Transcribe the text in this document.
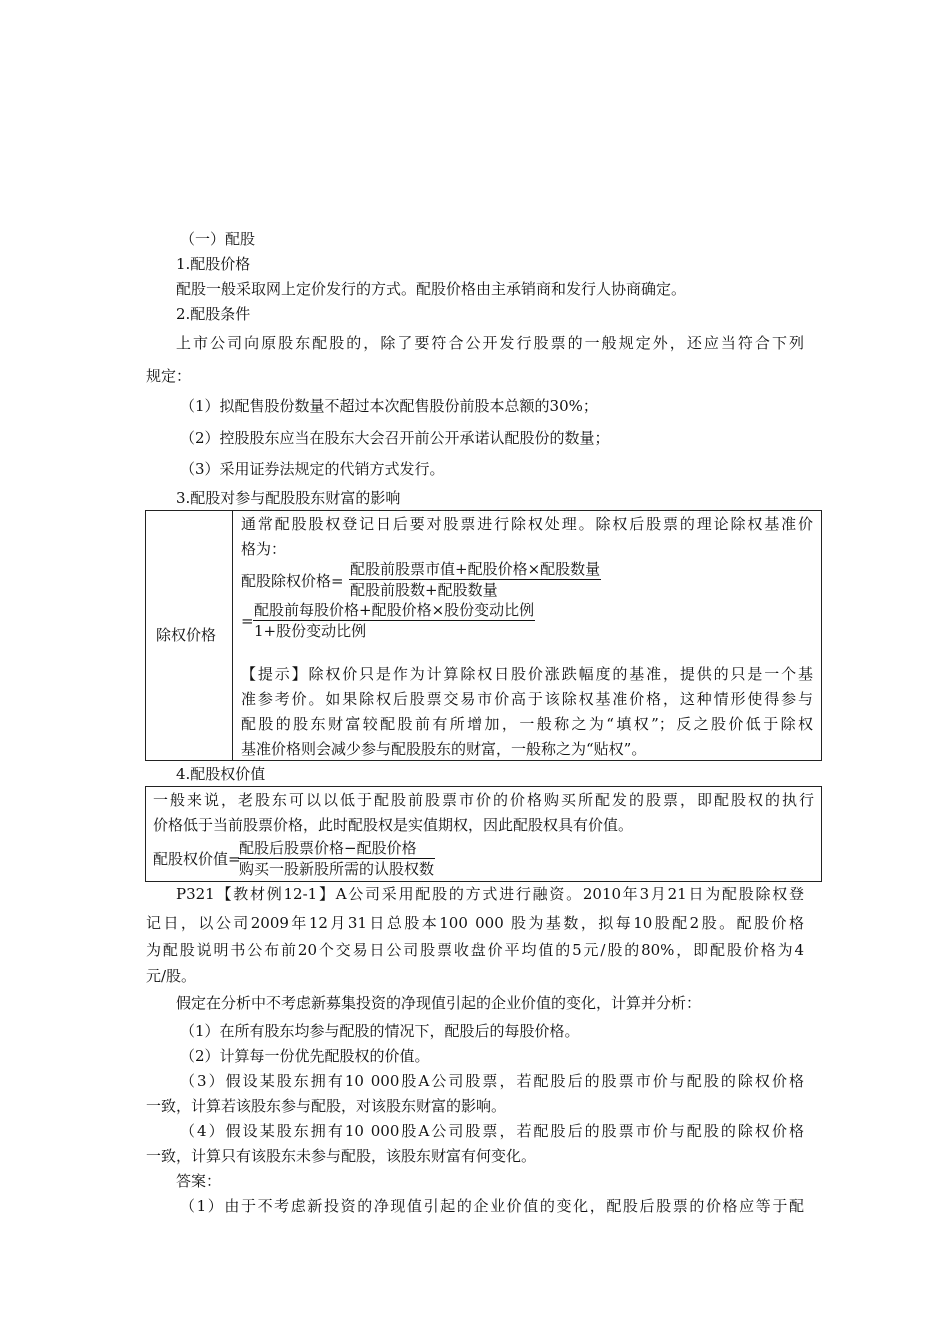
（一）配股
1.配股价格
配股一般采取网上定价发行的方式。配股价格由主承销商和发行人协商确定。
2.配股条件
上市公司向原股东配股的，除了要符合公开发行股票的一般规定外，还应当符合下列
规定：
（1）拟配售股份数量不超过本次配售股份前股本总额的30%；
（2）控股股东应当在股东大会召开前公开承诺认配股份的数量；
（3）采用证券法规定的代销方式发行。
3.配股对参与配股股东财富的影响
除权价格
通常配股股权登记日后要对股票进行除权处理。除权后股票的理论除权基准价
格为：
配股除权价格=
配股前股票市值+配股价格×配股数量
配股前股数+配股数量
=
配股前每股价格+配股价格×股份变动比例
1+股份变动比例
【提示】除权价只是作为计算除权日股价涨跌幅度的基准，提供的只是一个基
准参考价。如果除权后股票交易市价高于该除权基准价格，这种情形使得参与
配股的股东财富较配股前有所增加，一般称之为“填权”；反之股价低于除权
基准价格则会减少参与配股股东的财富，一般称之为“贴权”。
4.配股权价值
一般来说，老股东可以以低于配股前股票市价的价格购买所配发的股票，即配股权的执行
价格低于当前股票价格，此时配股权是实值期权，因此配股权具有价值。
配股权价值=
配股后股票价格−配股价格
购买一股新股所需的认股权数
P321【教材例12-1】A公司采用配股的方式进行融资。2010年3月21日为配股除权登
记日，以公司2009年12月31日总股本100 000 股为基数，拟每10股配2股。配股价格
为配股说明书公布前20个交易日公司股票收盘价平均值的5元/股的80%，即配股价格为4
元/股。
假定在分析中不考虑新募集投资的净现值引起的企业价值的变化，计算并分析：
（1）在所有股东均参与配股的情况下，配股后的每股价格。
（2）计算每一份优先配股权的价值。
（3）假设某股东拥有10 000股A公司股票，若配股后的股票市价与配股的除权价格
一致，计算若该股东参与配股，对该股东财富的影响。
（4）假设某股东拥有10 000股A公司股票，若配股后的股票市价与配股的除权价格
一致，计算只有该股东未参与配股，该股东财富有何变化。
答案：
（1）由于不考虑新投资的净现值引起的企业价值的变化，配股后股票的价格应等于配
